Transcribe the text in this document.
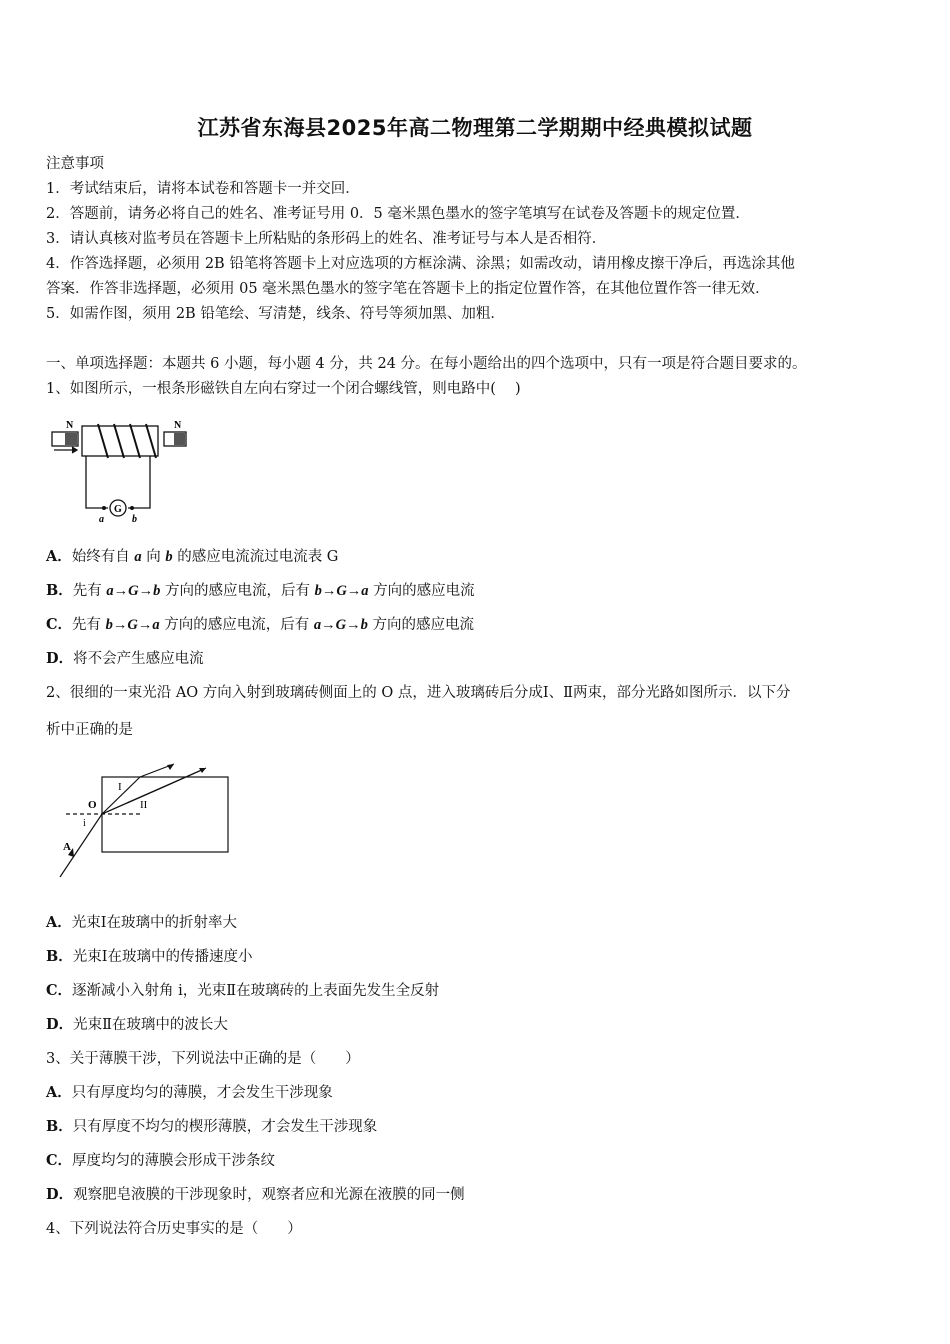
江苏省东海县2025年高二物理第二学期期中经典模拟试题
注意事项
1．考试结束后，请将本试卷和答题卡一并交回．
2．答题前，请务必将自己的姓名、准考证号用 0．5 毫米黑色墨水的签字笔填写在试卷及答题卡的规定位置．
3．请认真核对监考员在答题卡上所粘贴的条形码上的姓名、准考证号与本人是否相符．
4．作答选择题，必须用 2B 铅笔将答题卡上对应选项的方框涂满、涂黑；如需改动，请用橡皮擦干净后，再选涂其他
答案．作答非选择题，必须用 05 毫米黑色墨水的签字笔在答题卡上的指定位置作答，在其他位置作答一律无效．
5．如需作图，须用 2B 铅笔绘、写清楚，线条、符号等须加黑、加粗．
一、单项选择题：本题共 6 小题，每小题 4 分，共 24 分。在每小题给出的四个选项中，只有一项是符合题目要求的。
1、如图所示，一根条形磁铁自左向右穿过一个闭合螺线管，则电路中(　 )
N	N
G
a	b
A．始终有自 a 向 b 的感应电流流过电流表 G
B．先有 a→G→b 方向的感应电流，后有 b→G→a 方向的感应电流
C．先有 b→G→a 方向的感应电流，后有 a→G→b 方向的感应电流
D．将不会产生感应电流
2、很细的一束光沿 AO 方向入射到玻璃砖侧面上的 O 点，进入玻璃砖后分成Ⅰ、Ⅱ两束，部分光路如图所示．以下分
析中正确的是
O
i
A
I
II
A．光束Ⅰ在玻璃中的折射率大
B．光束Ⅰ在玻璃中的传播速度小
C．逐渐减小入射角 i，光束Ⅱ在玻璃砖的上表面先发生全反射
D．光束Ⅱ在玻璃中的波长大
3、关于薄膜干涉，下列说法中正确的是（　　）
A．只有厚度均匀的薄膜，才会发生干涉现象
B．只有厚度不均匀的楔形薄膜，才会发生干涉现象
C．厚度均匀的薄膜会形成干涉条纹
D．观察肥皂液膜的干涉现象时，观察者应和光源在液膜的同一侧
4、下列说法符合历史事实的是（　　）
